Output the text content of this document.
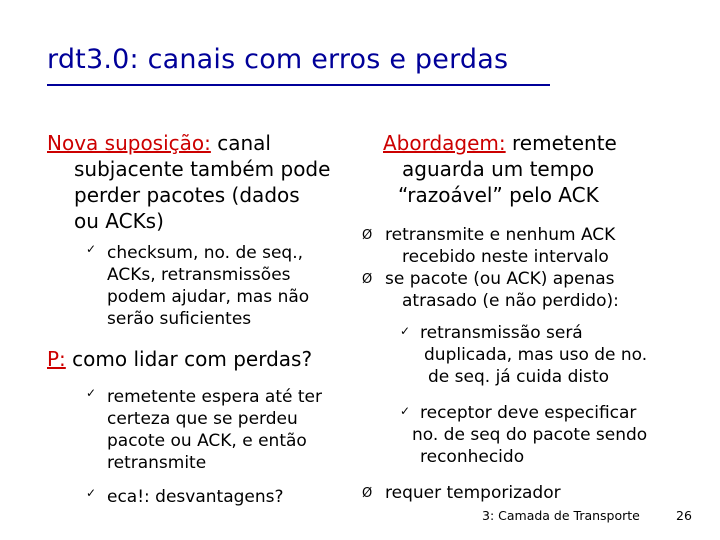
rdt3.0: canais com erros e perdas
Nova suposição: canal
subjacente também pode
perder pacotes (dados
ou ACKs)
✓ checksum, no. de seq.,
ACKs, retransmissões
podem ajudar, mas não
serão suficientes
P: como lidar com perdas?
✓ remetente espera até ter
certeza que se perdeu
pacote ou ACK, e então
retransmite
✓ eca!: desvantagens?
Abordagem: remetente
aguarda um tempo
“razoável” pelo ACK
Ø retransmite e nenhum ACK
recebido neste intervalo
Ø se pacote (ou ACK) apenas
atrasado (e não perdido):
✓ retransmissão será
duplicada, mas uso de no.
de seq. já cuida disto
✓ receptor deve especificar
no. de seq do pacote sendo
reconhecido
Ø requer temporizador
3: Camada de Transporte	26
